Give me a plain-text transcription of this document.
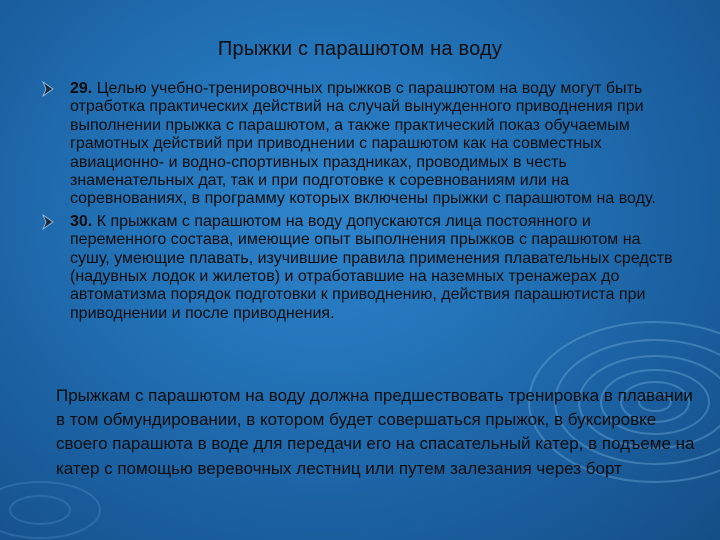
Прыжки с парашютом на воду
29. Целью учебно-тренировочных прыжков с парашютом на воду могут быть отработка практических действий на случай вынужденного приводнения при выполнении прыжка с парашютом, а также практический показ обучаемым грамотных действий при приводнении с парашютом как на совместных авиационно- и водно-спортивных праздниках, проводимых в честь знаменательных дат, так и при подготовке к соревнованиям или на соревнованиях, в программу которых включены прыжки с парашютом на воду.
30. К прыжкам с парашютом на воду допускаются лица постоянного и переменного состава, имеющие опыт выполнения прыжков с парашютом на сушу, умеющие плавать, изучившие правила применения плавательных средств (надувных лодок и жилетов) и отработавшие на наземных тренажерах до автоматизма порядок подготовки к приводнению, действия парашютиста при приводнении и после приводнения.
Прыжкам с парашютом на воду должна предшествовать тренировка в плавании в том обмундировании, в котором будет совершаться прыжок, в буксировке своего парашюта в воде для передачи его на спасательный катер, в подъеме на катер с помощью веревочных лестниц или путем залезания через борт
